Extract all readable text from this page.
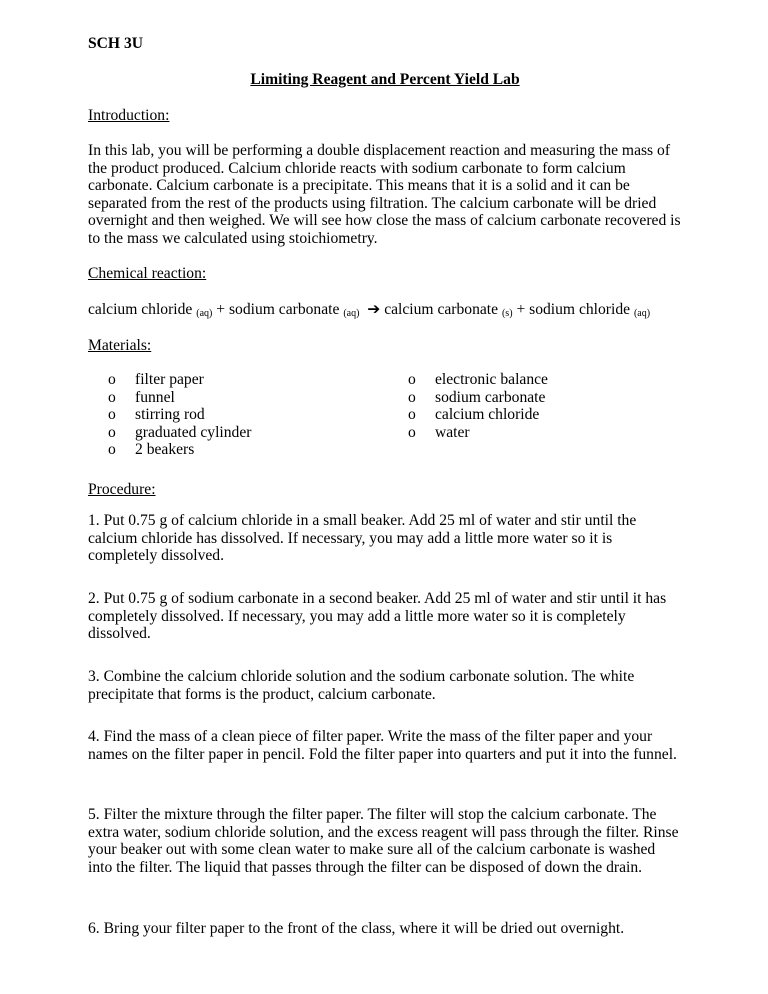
SCH 3U
Limiting Reagent and Percent Yield Lab
Introduction:

In this lab, you will be performing a double displacement reaction and measuring the mass of the product produced. Calcium chloride reacts with sodium carbonate to form calcium carbonate. Calcium carbonate is a precipitate. This means that it is a solid and it can be separated from the rest of the products using filtration. The calcium carbonate will be dried overnight and then weighed. We will see how close the mass of calcium carbonate recovered is to the mass we calculated using stoichiometry.

Chemical reaction:
calcium chloride $_{(aq)}$ + sodium carbonate $_{(aq)}$ ➔ calcium carbonate $_{(s)}$ + sodium chloride $_{(aq)}$
Materials:
o filter paper
o funnel
o stirring rod
o graduated cylinder
o 2 beakers
o electronic balance
o sodium carbonate
o calcium chloride
o water
Procedure:

1. Put 0.75 g of calcium chloride in a small beaker. Add 25 ml of water and stir until the calcium chloride has dissolved. If necessary, you may add a little more water so it is completely dissolved.

2. Put 0.75 g of sodium carbonate in a second beaker. Add 25 ml of water and stir until it has completely dissolved. If necessary, you may add a little more water so it is completely dissolved.

3. Combine the calcium chloride solution and the sodium carbonate solution. The white precipitate that forms is the product, calcium carbonate.

4. Find the mass of a clean piece of filter paper. Write the mass of the filter paper and your names on the filter paper in pencil. Fold the filter paper into quarters and put it into the funnel.

5. Filter the mixture through the filter paper. The filter will stop the calcium carbonate. The extra water, sodium chloride solution, and the excess reagent will pass through the filter. Rinse your beaker out with some clean water to make sure all of the calcium carbonate is washed into the filter. The liquid that passes through the filter can be disposed of down the drain.

6. Bring your filter paper to the front of the class, where it will be dried out overnight.
